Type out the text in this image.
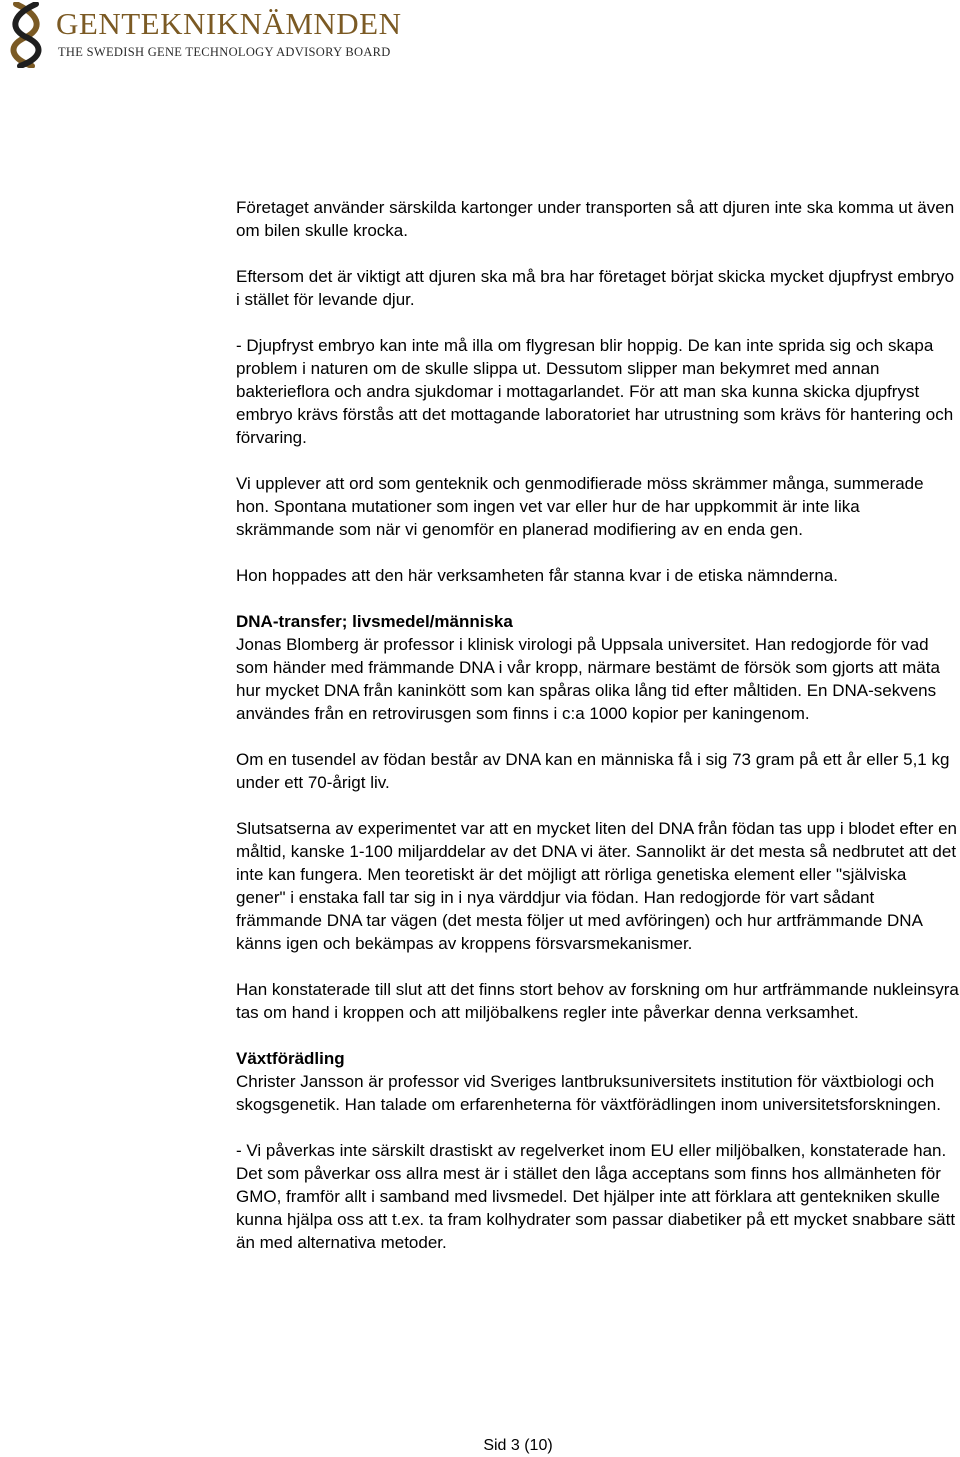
GENTEKNIKNÄMNDEN
THE SWEDISH GENE TECHNOLOGY ADVISORY BOARD

Företaget använder särskilda kartonger under transporten så att djuren inte ska komma ut även om bilen skulle krocka.

Eftersom det är viktigt att djuren ska må bra har företaget börjat skicka mycket djupfryst embryo i stället för levande djur.

- Djupfryst embryo kan inte må illa om flygresan blir hoppig. De kan inte sprida sig och skapa problem i naturen om de skulle slippa ut. Dessutom slipper man bekymret med annan bakterieflora och andra sjukdomar i mottagarlandet. För att man ska kunna skicka djupfryst embryo krävs förstås att det mottagande laboratoriet har utrustning som krävs för hantering och förvaring.

Vi upplever att ord som genteknik och genmodifierade möss skrämmer många, summerade hon. Spontana mutationer som ingen vet var eller hur de har uppkommit är inte lika skrämmande som när vi genomför en planerad modifiering av en enda gen.

Hon hoppades att den här verksamheten får stanna kvar i de etiska nämnderna.

DNA-transfer; livsmedel/människa

Jonas Blomberg är professor i klinisk virologi på Uppsala universitet. Han redogjorde för vad som händer med främmande DNA i vår kropp, närmare bestämt de försök som gjorts att mäta hur mycket DNA från kaninkött som kan spåras olika lång tid efter måltiden. En DNA-sekvens användes från en retrovirusgen som finns i c:a 1000 kopior per kaningenom.

Om en tusendel av födan består av DNA kan en människa få i sig 73 gram på ett år eller 5,1 kg under ett 70-årigt liv.

Slutsatserna av experimentet var att en mycket liten del DNA från födan tas upp i blodet efter en måltid, kanske 1-100 miljarddelar av det DNA vi äter. Sannolikt är det mesta så nedbrutet att det inte kan fungera. Men teoretiskt är det möjligt att rörliga genetiska element eller "själviska gener" i enstaka fall tar sig in i nya värddjur via födan. Han redogjorde för vart sådant främmande DNA tar vägen (det mesta följer ut med avföringen) och hur artfrämmande DNA känns igen och bekämpas av kroppens försvarsmekanismer.

Han konstaterade till slut att det finns stort behov av forskning om hur artfrämmande nukleinsyra tas om hand i kroppen och att miljöbalkens regler inte påverkar denna verksamhet.

Växtförädling

Christer Jansson är professor vid Sveriges lantbruksuniversitets institution för växtbiologi och skogsgenetik. Han talade om erfarenheterna för växtförädlingen inom universitetsforskningen.

- Vi påverkas inte särskilt drastiskt av regelverket inom EU eller miljöbalken, konstaterade han. Det som påverkar oss allra mest är i stället den låga acceptans som finns hos allmänheten för GMO, framför allt i samband med livsmedel. Det hjälper inte att förklara att gentekniken skulle kunna hjälpa oss att t.ex. ta fram kolhydrater som passar diabetiker på ett mycket snabbare sätt än med alternativa metoder.

Sid 3 (10)
